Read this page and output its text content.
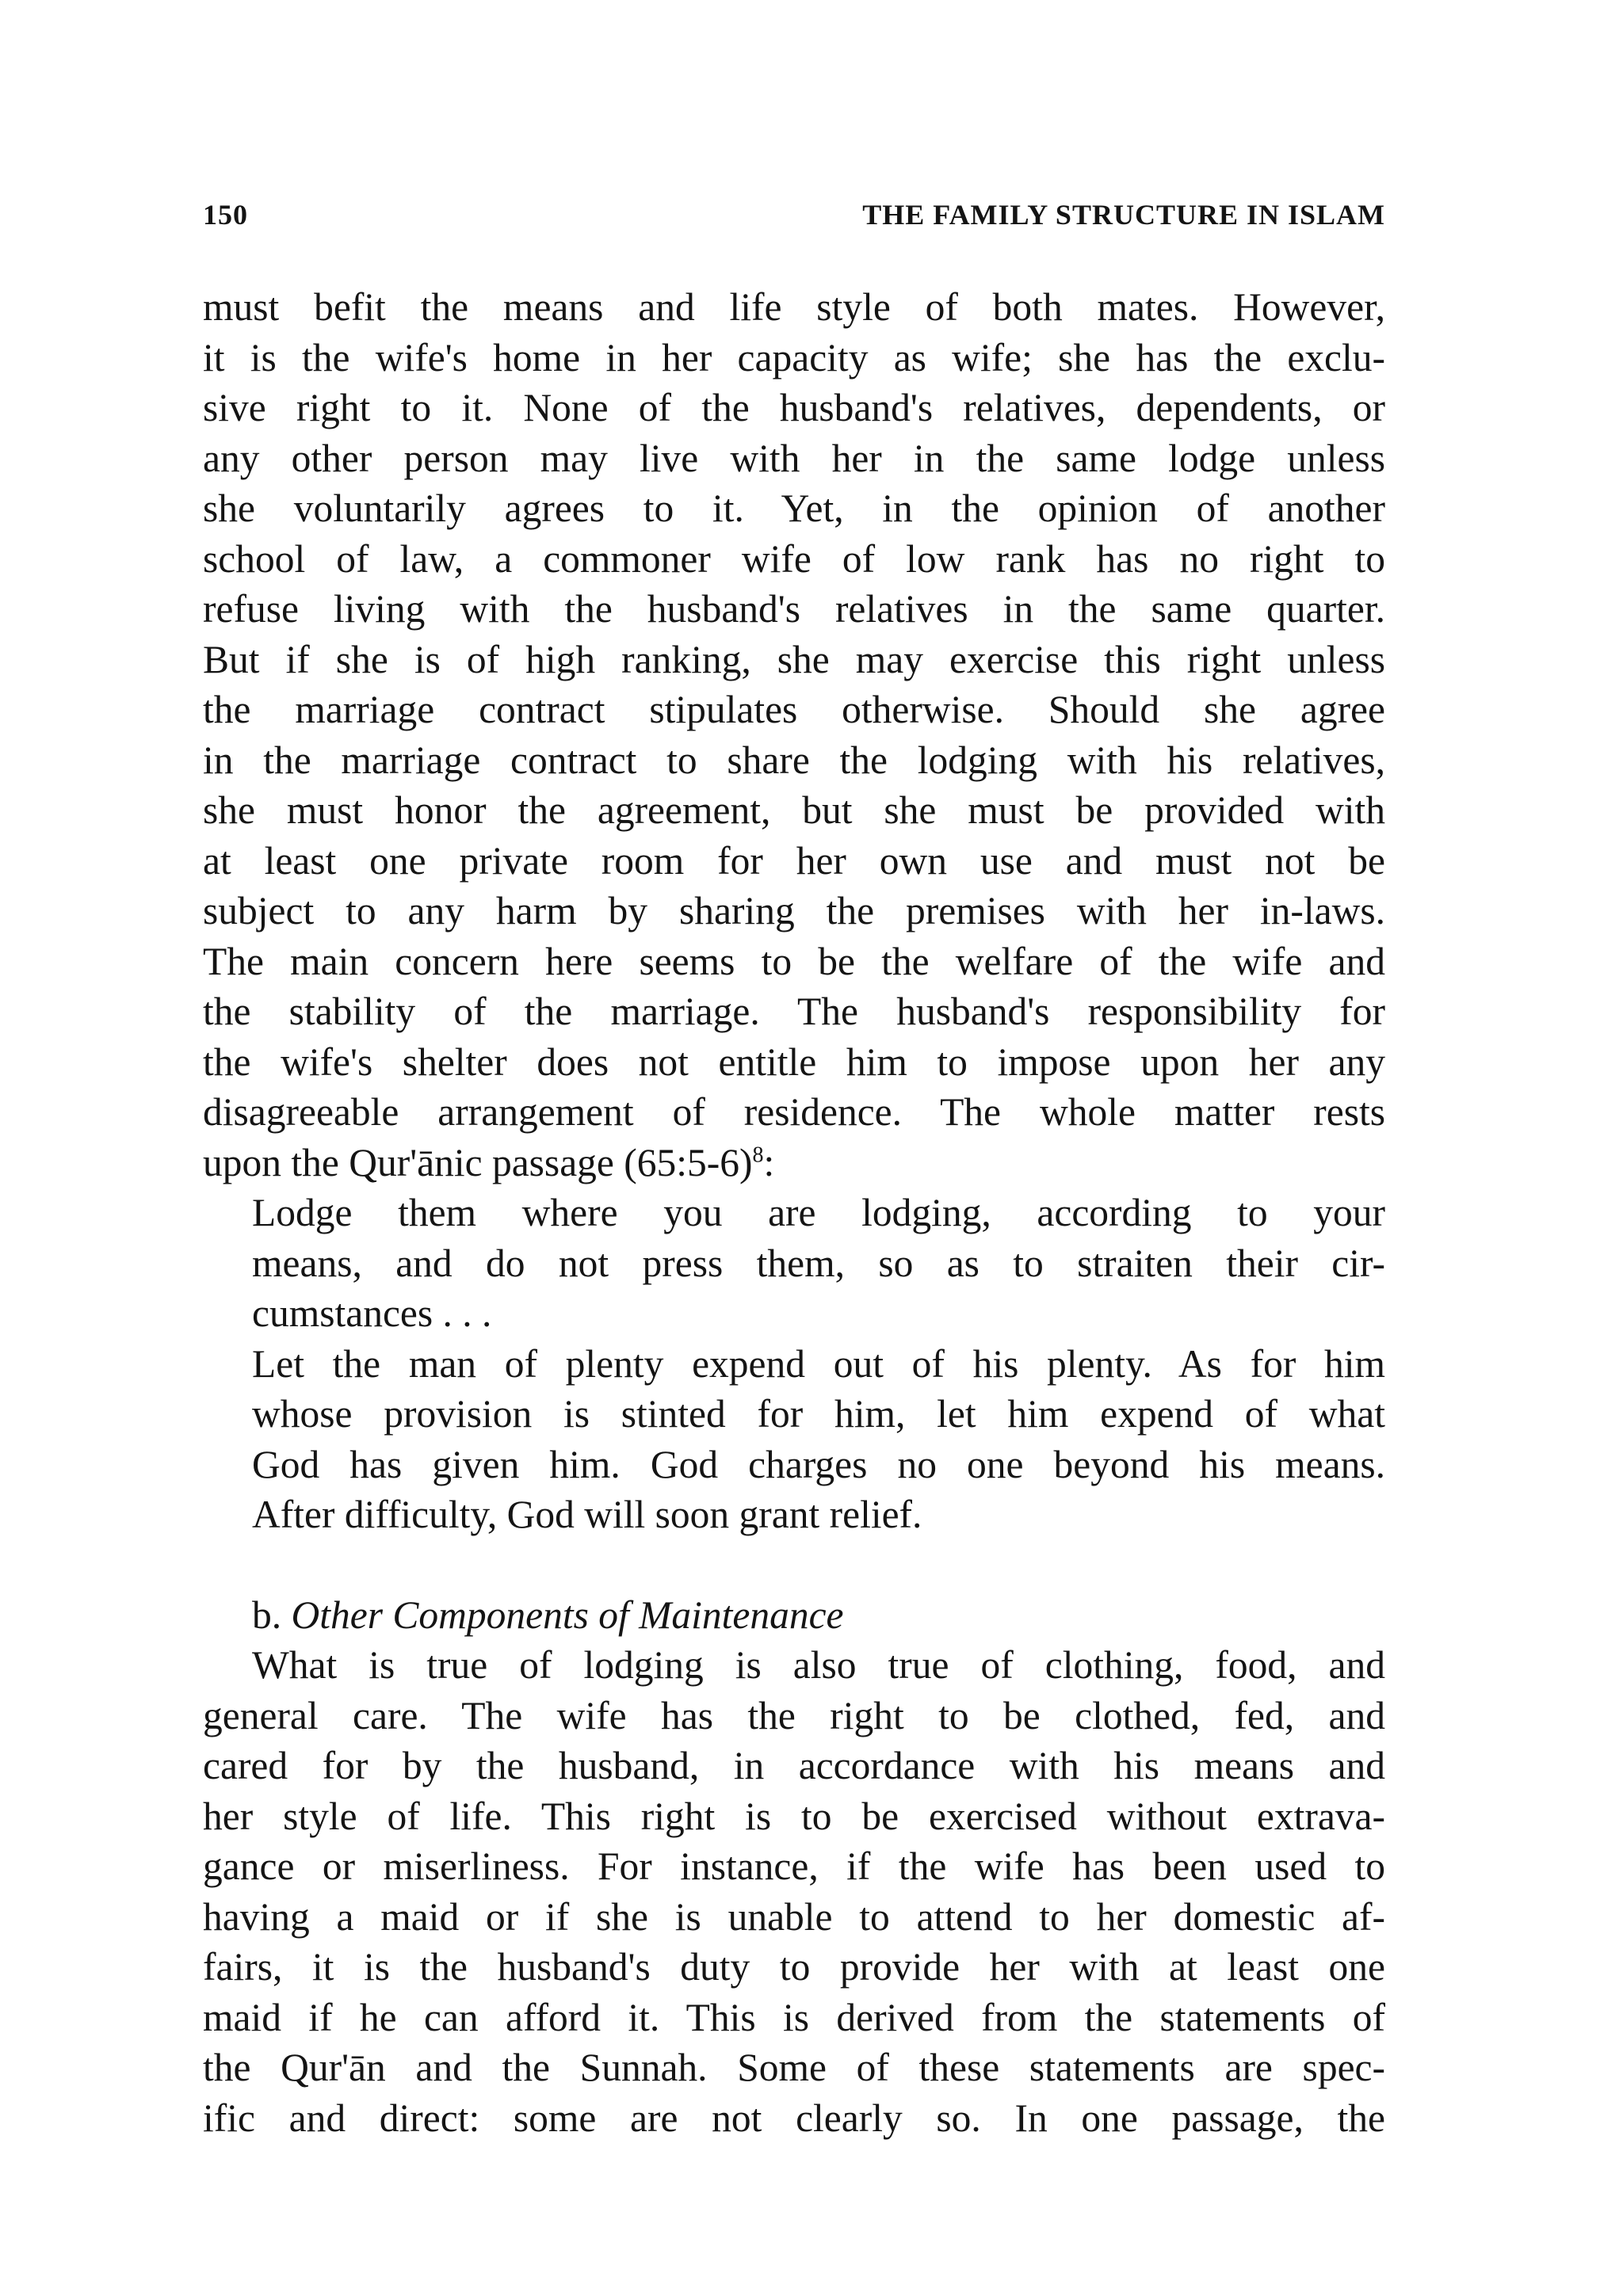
150	THE FAMILY STRUCTURE IN ISLAM
must befit the means and life style of both mates. However,
it is the wife's home in her capacity as wife; she has the exclu-
sive right to it. None of the husband's relatives, dependents, or
any other person may live with her in the same lodge unless
she voluntarily agrees to it. Yet, in the opinion of another
school of law, a commoner wife of low rank has no right to
refuse living with the husband's relatives in the same quarter.
But if she is of high ranking, she may exercise this right unless
the marriage contract stipulates otherwise. Should she agree
in the marriage contract to share the lodging with his relatives,
she must honor the agreement, but she must be provided with
at least one private room for her own use and must not be
subject to any harm by sharing the premises with her in-laws.
The main concern here seems to be the welfare of the wife and
the stability of the marriage. The husband's responsibility for
the wife's shelter does not entitle him to impose upon her any
disagreeable arrangement of residence. The whole matter rests
upon the Qur'ānic passage (65:5-6)$^8$:
Lodge them where you are lodging, according to your
means, and do not press them, so as to straiten their cir-
cumstances . . .
Let the man of plenty expend out of his plenty. As for him
whose provision is stinted for him, let him expend of what
God has given him. God charges no one beyond his means.
After difficulty, God will soon grant relief.
b. Other Components of Maintenance
What is true of lodging is also true of clothing, food, and
general care. The wife has the right to be clothed, fed, and
cared for by the husband, in accordance with his means and
her style of life. This right is to be exercised without extrava-
gance or miserliness. For instance, if the wife has been used to
having a maid or if she is unable to attend to her domestic af-
fairs, it is the husband's duty to provide her with at least one
maid if he can afford it. This is derived from the statements of
the Qur'ān and the Sunnah. Some of these statements are spec-
ific and direct: some are not clearly so. In one passage, the
